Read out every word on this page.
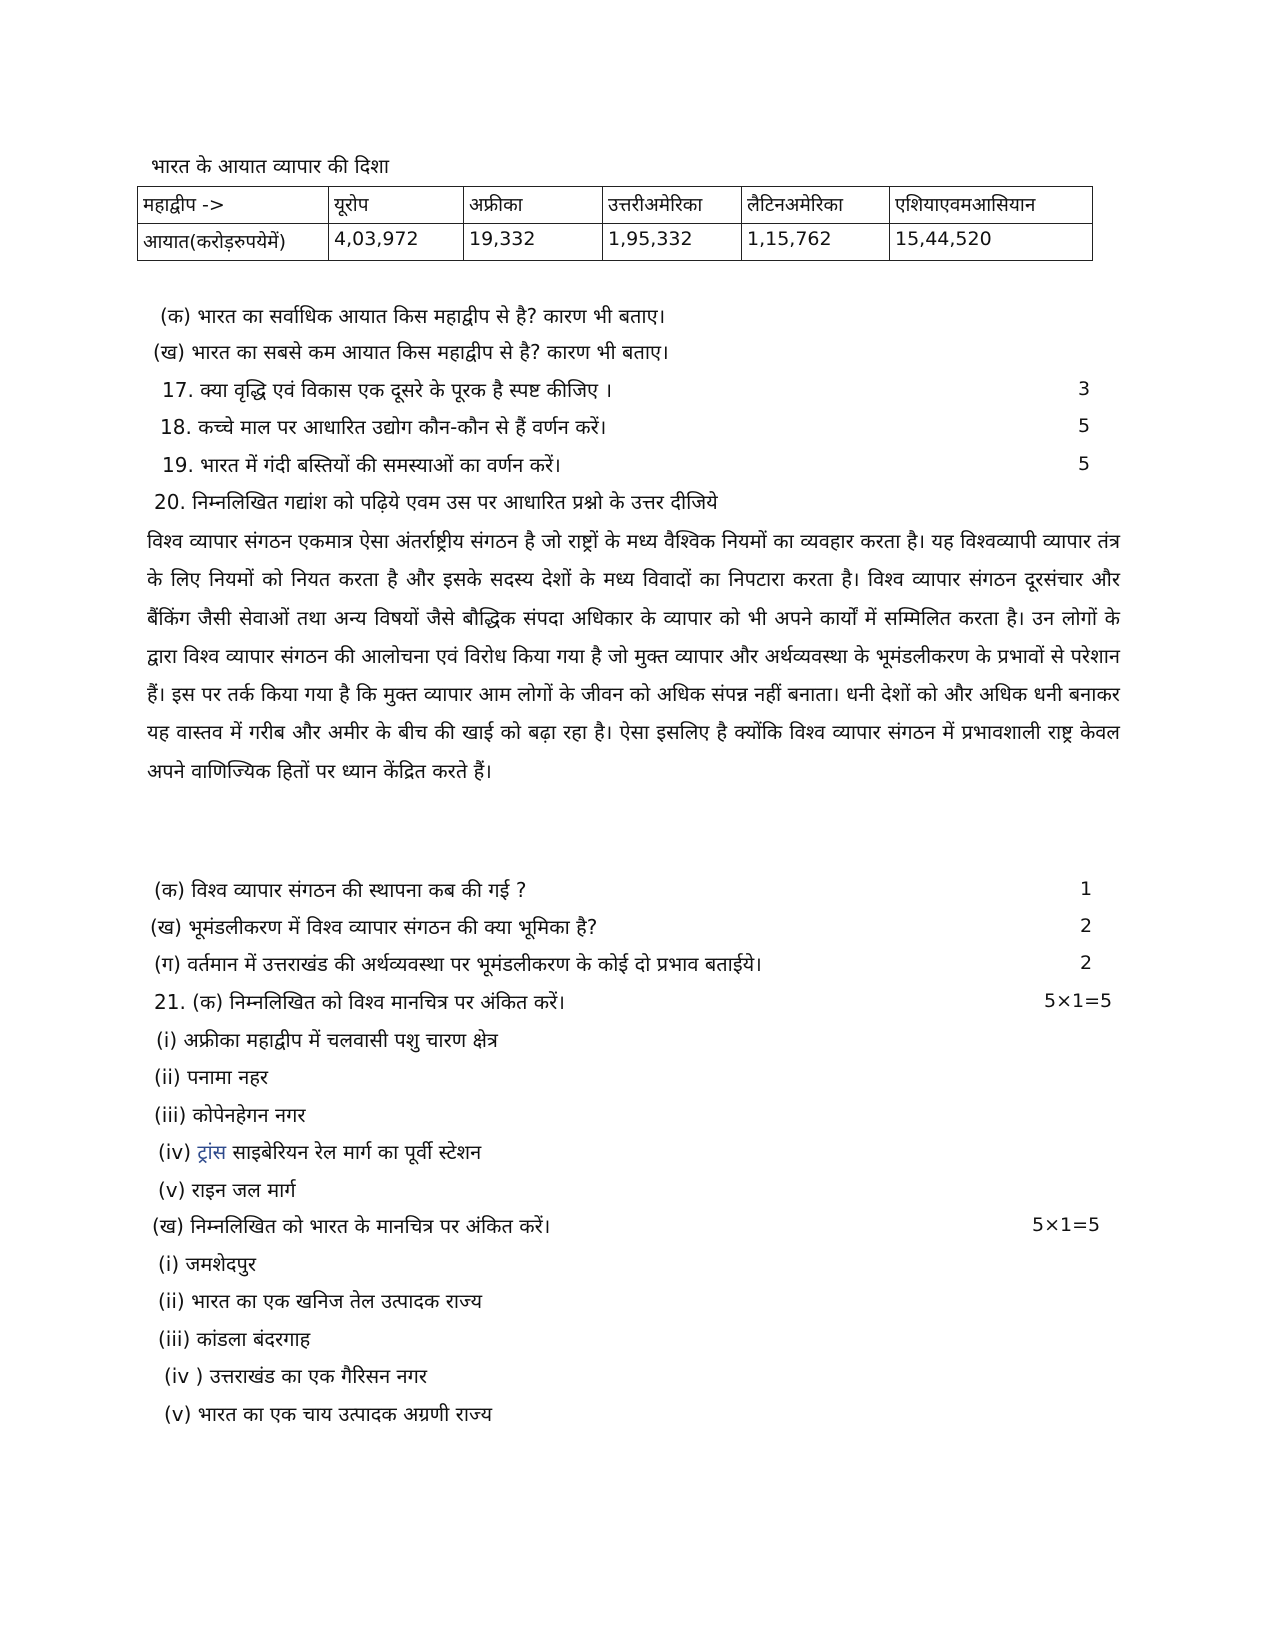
भारत के आयात व्यापार की दिशा
महाद्वीप ->	यूरोप	अफ्रीका	उत्तरीअमेरिका	लैटिनअमेरिका	एशियाएवमआसियान
आयात(करोड़रुपयेमें)	4,03,972	19,332	1,95,332	1,15,762	15,44,520
(क) भारत का सर्वाधिक आयात किस महाद्वीप से है? कारण भी बताए।
(ख) भारत का सबसे कम आयात किस महाद्वीप से है? कारण भी बताए।
17. क्या वृद्धि एवं विकास एक दूसरे के पूरक है स्पष्ट कीजिए ।	3
18. कच्चे माल पर आधारित उद्योग कौन-कौन से हैं वर्णन करें।	5
19. भारत में गंदी बस्तियों की समस्याओं का वर्णन करें।	5
20. निम्नलिखित गद्यांश को पढ़िये एवम उस पर आधारित प्रश्नो के उत्तर दीजिये
विश्व व्यापार संगठन एकमात्र ऐसा अंतर्राष्ट्रीय संगठन है जो राष्ट्रों के मध्य वैश्विक नियमों का व्यवहार करता है। यह विश्वव्यापी व्यापार तंत्र के लिए नियमों को नियत करता है और इसके सदस्य देशों के मध्य विवादों का निपटारा करता है। विश्व व्यापार संगठन दूरसंचार और बैंकिंग जैसी सेवाओं तथा अन्य विषयों जैसे बौद्धिक संपदा अधिकार के व्यापार को भी अपने कार्यों में सम्मिलित करता है। उन लोगों के द्वारा विश्व व्यापार संगठन की आलोचना एवं विरोध किया गया है जो मुक्त व्यापार और अर्थव्यवस्था के भूमंडलीकरण के प्रभावों से परेशान हैं। इस पर तर्क किया गया है कि मुक्त व्यापार आम लोगों के जीवन को अधिक संपन्न नहीं बनाता। धनी देशों को और अधिक धनी बनाकर यह वास्तव में गरीब और अमीर के बीच की खाई को बढ़ा रहा है। ऐसा इसलिए है क्योंकि विश्व व्यापार संगठन में प्रभावशाली राष्ट्र केवल अपने वाणिज्यिक हितों पर ध्यान केंद्रित करते हैं।
(क) विश्व व्यापार संगठन की स्थापना कब की गई ?	1
(ख) भूमंडलीकरण में विश्व व्यापार संगठन की क्या भूमिका है?	2
(ग) वर्तमान में उत्तराखंड की अर्थव्यवस्था पर भूमंडलीकरण के कोई दो प्रभाव बताईये।	2
21. (क) निम्नलिखित को विश्व मानचित्र पर अंकित करें।	5×1=5
(i) अफ्रीका महाद्वीप में चलवासी पशु चारण क्षेत्र
(ii) पनामा नहर
(iii) कोपेनहेगन नगर
(iv) ट्रांस साइबेरियन रेल मार्ग का पूर्वी स्टेशन
(v) राइन जल मार्ग
(ख) निम्नलिखित को भारत के मानचित्र पर अंकित करें।	5×1=5
(i) जमशेदपुर
(ii) भारत का एक खनिज तेल उत्पादक राज्य
(iii) कांडला बंदरगाह
(iv ) उत्तराखंड का एक गैरिसन नगर
(v) भारत का एक चाय उत्पादक अग्रणी राज्य
